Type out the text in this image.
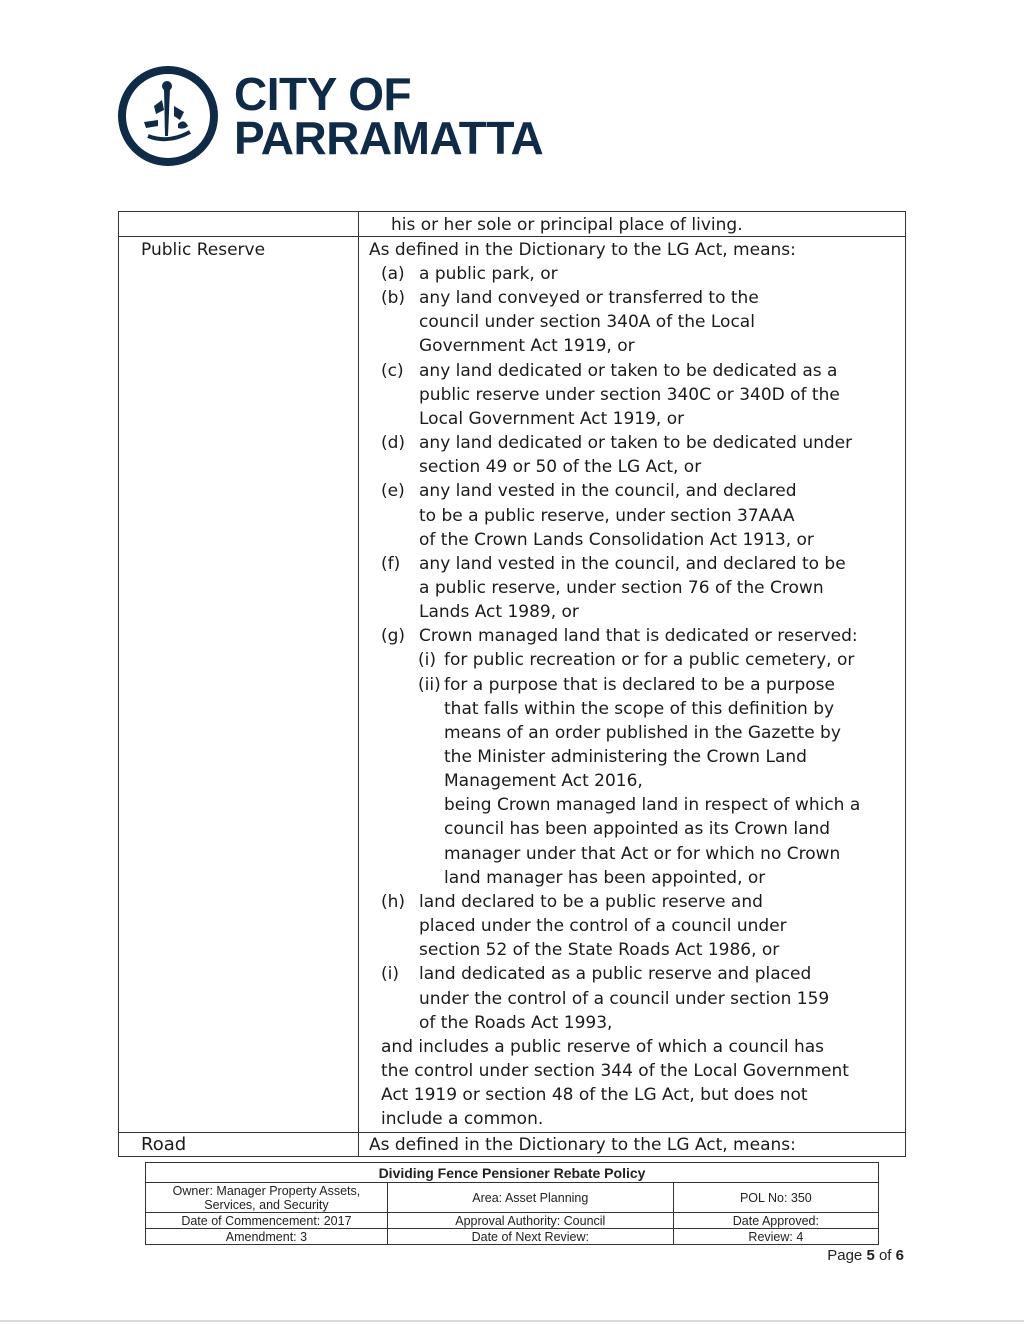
CITY OF
PARRAMATTA
his or her sole or principal place of living.
Public Reserve	As defined in the Dictionary to the LG Act, means:
(a) a public park, or
(b) any land conveyed or transferred to the
council under section 340A of the Local
Government Act 1919, or
(c) any land dedicated or taken to be dedicated as a
public reserve under section 340C or 340D of the
Local Government Act 1919, or
(d) any land dedicated or taken to be dedicated under
section 49 or 50 of the LG Act, or
(e) any land vested in the council, and declared
to be a public reserve, under section 37AAA
of the Crown Lands Consolidation Act 1913, or
(f) any land vested in the council, and declared to be
a public reserve, under section 76 of the Crown
Lands Act 1989, or
(g) Crown managed land that is dedicated or reserved:
(i) for public recreation or for a public cemetery, or
(ii) for a purpose that is declared to be a purpose
that falls within the scope of this definition by
means of an order published in the Gazette by
the Minister administering the Crown Land
Management Act 2016,
being Crown managed land in respect of which a
council has been appointed as its Crown land
manager under that Act or for which no Crown
land manager has been appointed, or
(h) land declared to be a public reserve and
placed under the control of a council under
section 52 of the State Roads Act 1986, or
(i) land dedicated as a public reserve and placed
under the control of a council under section 159
of the Roads Act 1993,
and includes a public reserve of which a council has
the control under section 344 of the Local Government
Act 1919 or section 48 of the LG Act, but does not
include a common.
Road	As defined in the Dictionary to the LG Act, means:
Dividing Fence Pensioner Rebate Policy		
Owner: Manager Property Assets, Services, and Security	Area: Asset Planning	POL No: 350
Date of Commencement: 2017	Approval Authority: Council	Date Approved:
Amendment: 3	Date of Next Review:	Review: 4
Page 5 of 6
